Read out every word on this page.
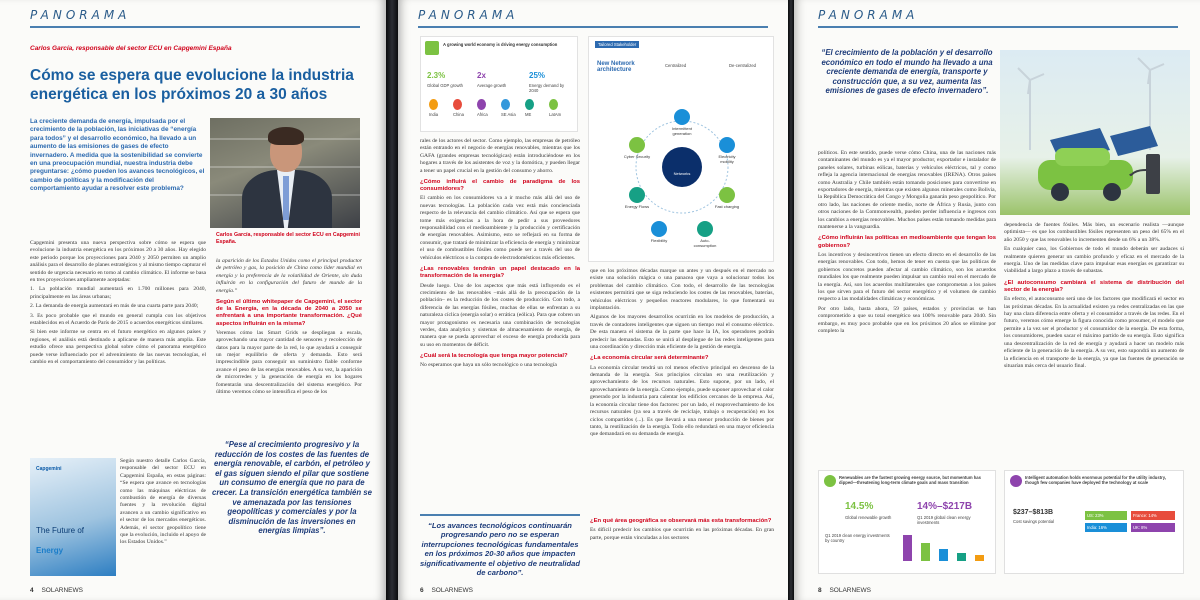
PANORAMA
Carlos García, responsable del sector ECU en Capgemini España
Cómo se espera que evolucione la industria energética en los próximos 20 a 30 años
La creciente demanda de energía, impulsada por el crecimiento de la población, las iniciativas de “energía para todos” y el desarrollo económico, ha llevado a un aumento de las emisiones de gases de efecto invernadero. A medida que la sostenibilidad se convierte en una preocupación mundial, nuestra industria debe preguntarse: ¿cómo pueden los avances tecnológicos, el cambio de políticas y la modificación del comportamiento ayudar a resolver este problema?
Carlos García, responsable del sector ECU en Capgemini España.

Capgemini presenta una nueva perspectiva sobre cómo se espera que evolucione la industria energética en los próximos 20 a 30 años. Hay elegido este periodo porque los proyecciones para 2040 y 2050 permiten un amplio análisis para el desarrollo de planes estratégicos y al mismo tiempo capturar el sentido de urgencia necesario en torno al cambio climático. El informe se basa en tres proyecciones ampliamente aceptadas:

1. La población mundial aumentará en 1.700 millones para 2040, principalmente en las áreas urbanas;

2. La demanda de energía aumentará en más de una cuarta parte para 2040;

3. Es poco probable que el mundo en general cumpla con los objetivos establecidos en el Acuerdo de París de 2015 o acuerdos energéticos similares.

Si bien este informe se centra en el futuro energético en algunos países y regiones, el análisis está destinado a aplicarse de manera más amplia. Este estudio ofrece una perspectiva global sobre cómo el panorama energético puede verse influenciado por el advenimiento de las nuevas tecnologías, el cambio en el comportamiento del consumidor y las políticas.

Capgemini
The Future of
Energy

Según nuestro detalle Carlos García, responsable del sector ECU en Capgemini España, en estas páginas: “Se espera que avance en tecnologías como las máquinas eléctricas de combustión de energía de diversas fuentes y la revolución digital avancen a un cambio significativo en el sector de los mercados energéticos. Además, el sector geopolítico tiene que la evolución, incluido el apoyo de los Estados Unidos.”

la aparición de los Estados Unidos como el principal productor de petróleo y gas, la posición de China como líder mundial en energía y la preferencia de la volatilidad de Oriente, sin duda influirán en la configuración del futuro de mundo de la energía.”

Según el último whitepaper de Capgemini, el sector de la Energía, en la década de 2040 a 2050 se enfrentará a una importante transformación. ¿Qué aspectos influirán en la misma?

Veremos cómo las Smart Grids se despliegan a escala, aprovechando una mayor cantidad de sensores y recolección de datos para la mayor parte de la red, lo que ayudará a conseguir un mejor equilibrio de oferta y demanda. Esto será imprescindible para conseguir un suministro fiable conforme avance el peso de las energías renovables. A su vez, la aparición de microrredes y la generación de energía en los hogares fomentarán una descentralización del sistema energético. Por último veremos cómo se intensifica el peso de los

“Pese al crecimiento progresivo y la reducción de los costes de las fuentes de energía renovable, el carbón, el petróleo y el gas siguen siendo el pilar que sostiene un consumo de energía que no para de crecer. La transición energética también se ve amenazada por las tensiones geopolíticas y comerciales y por la disminución de las inversiones en energías limpias”.
4 SOLARNEWS
PANORAMA
A growing world economy is driving energy consumption
2.3%
Global GDP growth
2x
Average growth
25%
Energy demand by 2040
India	China	Africa	SE Asia ME	LatAm
Tailored Stakeholder
New Network architecture
Centralized	De-centralized
Networks
Intermittent generation
Cyber Security	Electricity mobility
Energy Flows	Fast charging
Flexibility	Auto-consumption

rales de los actores del sector. Como ejemplo, las empresas de petróleo están entrando en el negocio de energías renovables, mientras que los GAFA (grandes empresas tecnológicas) están introduciéndose en los hogares a través de los asistentes de voz y la domótica, y pueden llegar a tener un papel crucial en la gestión del consumo y ahorro.

¿Cómo influirá el cambio de paradigma de los consumidores?

El cambio en los consumidores va a ir mucho más allá del uso de nuevas tecnologías. La población cada vez está más concienciada respecto de la relevancia del cambio climático. Así que se espera que tome más exigencias a la hora de pedir a sus proveedores responsabilidad con el medioambiente y la producción y certificación de energías renovables. Asimismo, esto se reflejará en su forma de consumir, que tratará de minimizar la eficiencia de energía y minimizar el uso de combustibles fósiles como puede ser a través del uso de vehículos eléctricos o la compra de electrodomésticos más eficientes.

¿Las renovables tendrán un papel destacado en la transformación de la energía?

Desde luego. Uno de los aspectos que más está influyendo es el crecimiento de las renovables –más allá de la preocupación de la población– es la reducción de los costes de producción. Con todo, a diferencia de las energías fósiles, muchas de ellas se enfrentan a su naturaleza cíclica (energía solar) o errática (eólica). Para que cobren un mayor protagonismo es necesaria una combinación de tecnologías verdes, data analytics y sistemas de almacenamiento de energía, de manera que se pueda aprovechar el exceso de energía producida para su uso en momentos de déficit.

¿Cuál será la tecnología que tenga mayor potencial?

No esperamos que haya un sólo tecnológico o una tecnología

que en los próximos décadas marque un antes y un después en el mercado no existe una solución mágica o una panacea que vaya a solucionar todos los problemas del cambio climático. Con todo, el desarrollo de las tecnologías existentes permitirá que se siga reduciendo los costes de las renovables, baterías, vehículos eléctricos y pequeños reactores modulares, lo que fomentará su implantación.

Algunos de los mayores desarrollos ocurrirán en los modelos de producción, a través de contadores inteligentes que siguen un tiempo real el consumo eléctrico. De esta manera el sistema de la parte que hace la IA, los operadores podrán predecir las demandas. Esto se unirá al despliegue de las redes inteligentes para una coordinación y dirección más eficiente de la gestión de energía.

¿La economía circular será determinante?

La economía circular tendrá un rol menos efectivo principal en descenso de la demanda de la energía. Sus principios circulan en una reutilización y aprovechamiento de los recursos naturales. Esto supone, por un lado, el aprovechamiento de la energía. Como ejemplo, puede suponer aprovechar el calor generado por la industria para calentar los edificios cercanos de la empresa. Así, la economía circular tiene dos factores: por un lado, el reaprovechamiento de los recursos naturales (ya sea a través de reciclaje, trabajo o recuperación) en los ciclos compartidos (...). Es que llevará a una menor producción de bienes por tanto, la reutilización de la energía. Todo ello redundará en una mayor eficiencia que demandará en su demanda de energía.

“Los avances tecnológicos continuarán progresando pero no se esperan interrupciones tecnológicas fundamentales en los próximos 20-30 años que impacten significativamente el objetivo de neutralidad de carbono”.
¿En qué área geográfica se observará más esta transformación?

Es difícil predecir los cambios que ocurrirán en las próximas décadas. En gran parte, porque están vinculadas a los sectores

6 SOLARNEWS
PANORAMA
“El crecimiento de la población y el desarrollo económico en todo el mundo ha llevado a una creciente demanda de energía, transporte y construcción que, a su vez, aumenta las emisiones de gases de efecto invernadero”.

políticos. En este sentido, puede verse cómo China, una de las naciones más contaminantes del mundo es ya el mayor productor, exportador e instalador de paneles solares, turbinas eólicas, baterías y vehículos eléctricos, tal y como refleja la agencia internacional de energías renovables (IRENA). Otros países como Australia y Chile también están tomando posiciones para convertirse en exportadores de energía, mientras que existen algunos minerales como Bolivia, la República Democrática del Congo y Mongolia ganarán peso geopolítico. Por otro lado, las naciones de oriente medio, norte de África y Rusia, junto con otros naciones de la Commonwealth, pueden perder influencia e ingresos con los cambios a energías renovables. Muchos países están tomando medidas para mantenerse a la vanguardia.

¿Cómo influirán las políticas en medioambiente que tengan los gobiernos?

Los incentivos y desincentivos tienen un efecto directo en el desarrollo de las energías renovables. Con todo, hemos de tener en cuenta que las políticas de gobiernos concretos pueden afectar al cambio climático, son los acuerdos mundiales los que realmente pueden impulsar un cambio real en el mercado de la energía. Así, son los acuerdos multilaterales que comprometan a los países los que sirven para el futuro del sector energético y el volumen de cambio respecto a las modalidades climáticas y económicas.

Por otro lado, hasta ahora, 59 países, estados y provincias se han comprometido a que su total energético sea 100% renovable para 2040. Sin embargo, es muy poco probable que en los próximos 20 años se elimine por completo la

dependencia de fuentes fósiles. Más bien, un escenario realista —aunque optimista— es que los combustibles fósiles representen un peso del 65% en el año 2050 y que las renovables lo incrementen desde un 6% a un 38%.

En cualquier caso, los Gobiernos de todo el mundo deberán ser audaces si realmente quieren generar un cambio profundo y eficaz en el mercado de la energía. Uno de las medidas clave para impulsar esas energías es garantizar su viabilidad a largo plazo a través de subastas.

¿El autoconsumo cambiará el sistema de distribución del sector de la energía?

En efecto, el autoconsumo será uno de los factores que modificará el sector en las próximas décadas. En la actualidad existen ya redes centralizadas en las que hay una clara diferencia entre oferta y el consumidor a través de las redes. En el futuro, veremos cómo emerge la figura conocida como prosumer, el modelo que permite a la vez ser el productor y el consumidor de la energía. De esta forma, los consumidores, pueden sacar el máximo partido de su energía. Esto significa una descentralización de la red de energía y ayudará a hacer un modelo más eficiente de la generación de la energía. A su vez, esto supondrá un aumento de la eficiencia en el transporte de la energía, ya que las fuentes de generación se situarían más cerca del usuario final.

Renewables are the fastest growing energy source, but momentum has dipped—threatening long-term climate goals and mass transition
14.5%
Global renewable growth
14%–$217B
Q1 2019 global clean energy investments
Q1 2019 clean energy investments by country
Intelligent automation holds enormous potential for the utility industry, though few companies have deployed the technology at scale
$237–$813B
Cost savings potential
US: 23%	France: 14%
India: 16%	UK: 8%
8 SOLARNEWS
